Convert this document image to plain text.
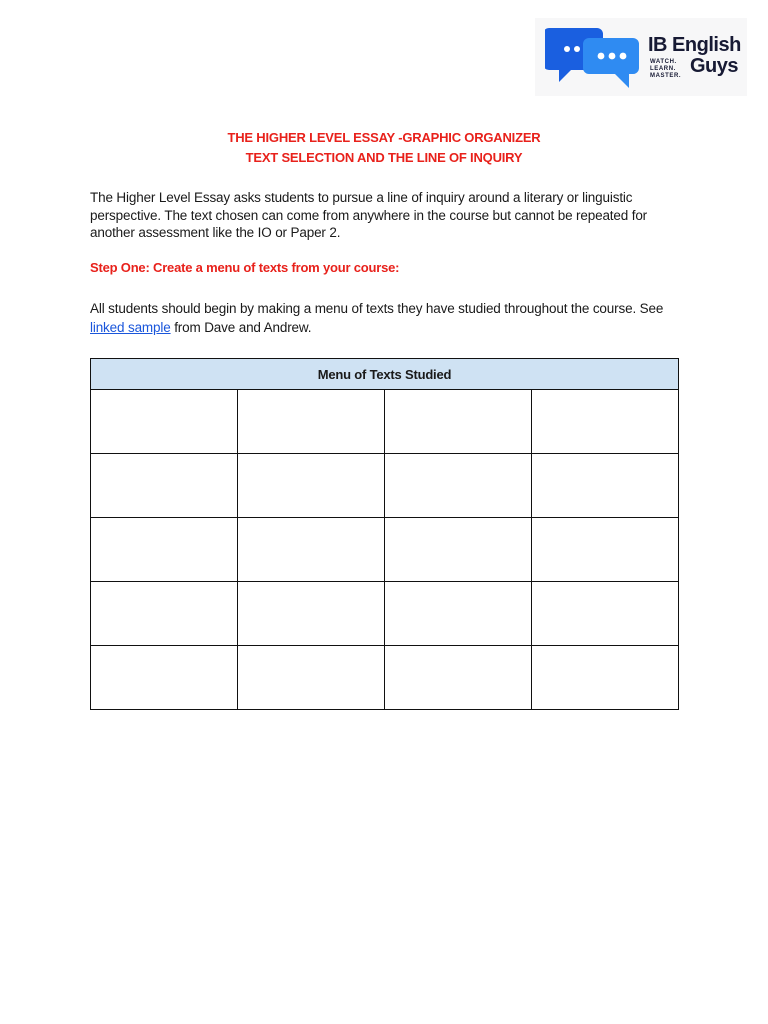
IB English
WATCH.
LEARN.
MASTER. Guys
THE HIGHER LEVEL ESSAY -GRAPHIC ORGANIZER
TEXT SELECTION AND THE LINE OF INQUIRY

The Higher Level Essay asks students to pursue a line of inquiry around a literary or linguistic perspective. The text chosen can come from anywhere in the course but cannot be repeated for another assessment like the IO or Paper 2.

Step One: Create a menu of texts from your course:

All students should begin by making a menu of texts they have studied throughout the course. See
linked sample from Dave and Andrew.

Menu of Texts Studied			
